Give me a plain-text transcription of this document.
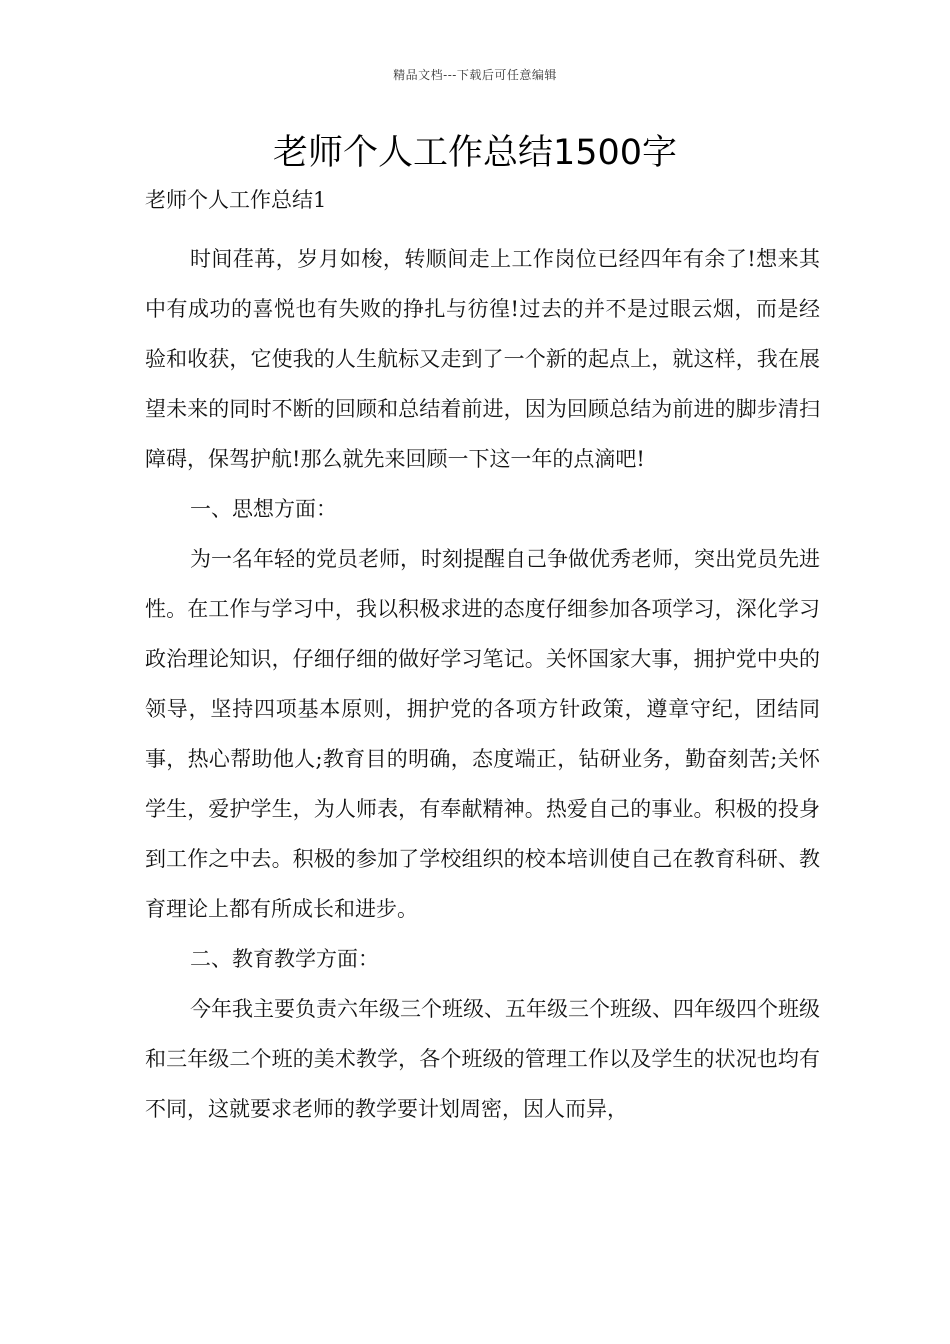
精品文档---下载后可任意编辑
老师个人工作总结1500字

老师个人工作总结1

时间荏苒，岁月如梭，转顺间走上工作岗位已经四年有余了!想来其中有成功的喜悦也有失败的挣扎与彷徨!过去的并不是过眼云烟，而是经验和收获，它使我的人生航标又走到了一个新的起点上，就这样，我在展望未来的同时不断的回顾和总结着前进，因为回顾总结为前进的脚步清扫障碍，保驾护航!那么就先来回顾一下这一年的点滴吧!

一、思想方面：

为一名年轻的党员老师，时刻提醒自己争做优秀老师，突出党员先进性。在工作与学习中，我以积极求进的态度仔细参加各项学习，深化学习政治理论知识，仔细仔细的做好学习笔记。关怀国家大事，拥护党中央的领导，坚持四项基本原则，拥护党的各项方针政策，遵章守纪，团结同事，热心帮助他人;教育目的明确，态度端正，钻研业务，勤奋刻苦;关怀学生，爱护学生，为人师表，有奉献精神。热爱自己的事业。积极的投身到工作之中去。积极的参加了学校组织的校本培训使自己在教育科研、教育理论上都有所成长和进步。

二、教育教学方面：

今年我主要负责六年级三个班级、五年级三个班级、四年级四个班级和三年级二个班的美术教学，各个班级的管理工作以及学生的状况也均有不同，这就要求老师的教学要计划周密，因人而异，
